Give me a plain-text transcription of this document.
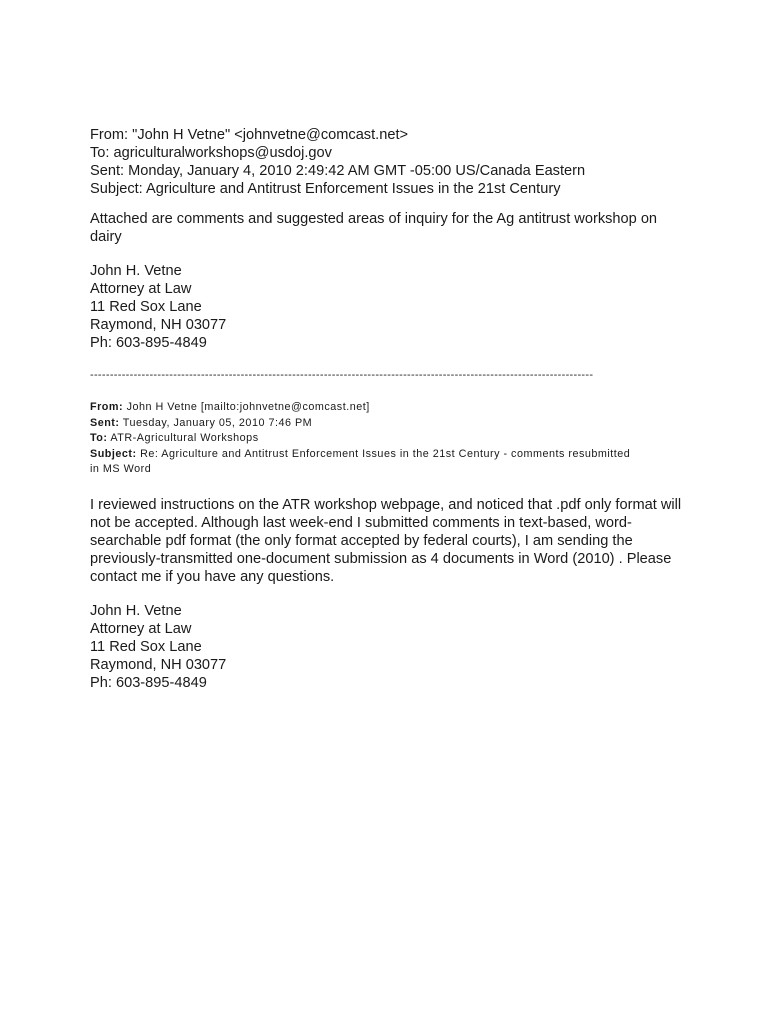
From: "John H Vetne" <johnvetne@comcast.net>
To: agriculturalworkshops@usdoj.gov
Sent: Monday, January 4, 2010 2:49:42 AM GMT -05:00 US/Canada Eastern
Subject: Agriculture and Antitrust Enforcement Issues in the 21st Century
Attached are comments and suggested areas of inquiry for the Ag antitrust workshop on dairy
John H. Vetne
Attorney at Law
11 Red Sox Lane
Raymond, NH 03077
Ph: 603-895-4849
-------------------------------------------------------------------------------------------------------------------------------
From: John H Vetne [mailto:johnvetne@comcast.net]
Sent: Tuesday, January 05, 2010 7:46 PM
To: ATR-Agricultural Workshops
Subject: Re: Agriculture and Antitrust Enforcement Issues in the 21st Century - comments resubmitted
in MS Word
I reviewed instructions on the ATR workshop webpage, and noticed that .pdf only format will not be accepted. Although last week-end I submitted comments in text-based, word-searchable pdf format (the only format accepted by federal courts), I am sending the previously-transmitted one-document submission as 4 documents in Word (2010) . Please contact me if you have any questions.
John H. Vetne
Attorney at Law
11 Red Sox Lane
Raymond, NH 03077
Ph: 603-895-4849
